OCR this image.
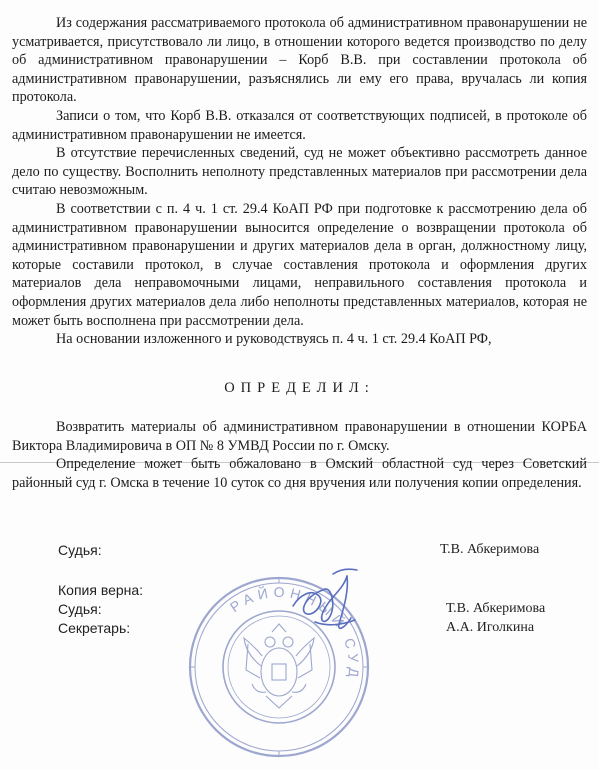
Из содержания рассматриваемого протокола об административном правонарушении не усматривается, присутствовало ли лицо, в отношении которого ведется производство по делу об административном правонарушении – Корб В.В. при составлении протокола об административном правонарушении, разъяснялись ли ему его права, вручалась ли копия протокола.

Записи о том, что Корб В.В. отказался от соответствующих подписей, в протоколе об административном правонарушении не имеется.

В отсутствие перечисленных сведений, суд не может объективно рассмотреть данное дело по существу. Восполнить неполноту представленных материалов при рассмотрении дела считаю невозможным.

В соответствии с п. 4 ч. 1 ст. 29.4 КоАП РФ при подготовке к рассмотрению дела об административном правонарушении выносится определение о возвращении протокола об административном правонарушении и других материалов дела в орган, должностному лицу, которые составили протокол, в случае составления протокола и оформления других материалов дела неправомочными лицами, неправильного составления протокола и оформления других материалов дела либо неполноты представленных материалов, которая не может быть восполнена при рассмотрении дела.

На основании изложенного и руководствуясь п. 4 ч. 1 ст. 29.4 КоАП РФ,

ОПРЕДЕЛИЛ:

Возвратить материалы об административном правонарушении в отношении КОРБА Виктора Владимировича в ОП № 8 УМВД России по г. Омску.

Определение может быть обжаловано в Омский областной суд через Советский районный суд г. Омска в течение 10 суток со дня вручения или получения копии определения.

Судья:	Т.В. Абкеримова
Копия верна:
Судья:	Т.В. Абкеримова
Секретарь:	А.А. Иголкина
РАЙОННЫЙ СУД
